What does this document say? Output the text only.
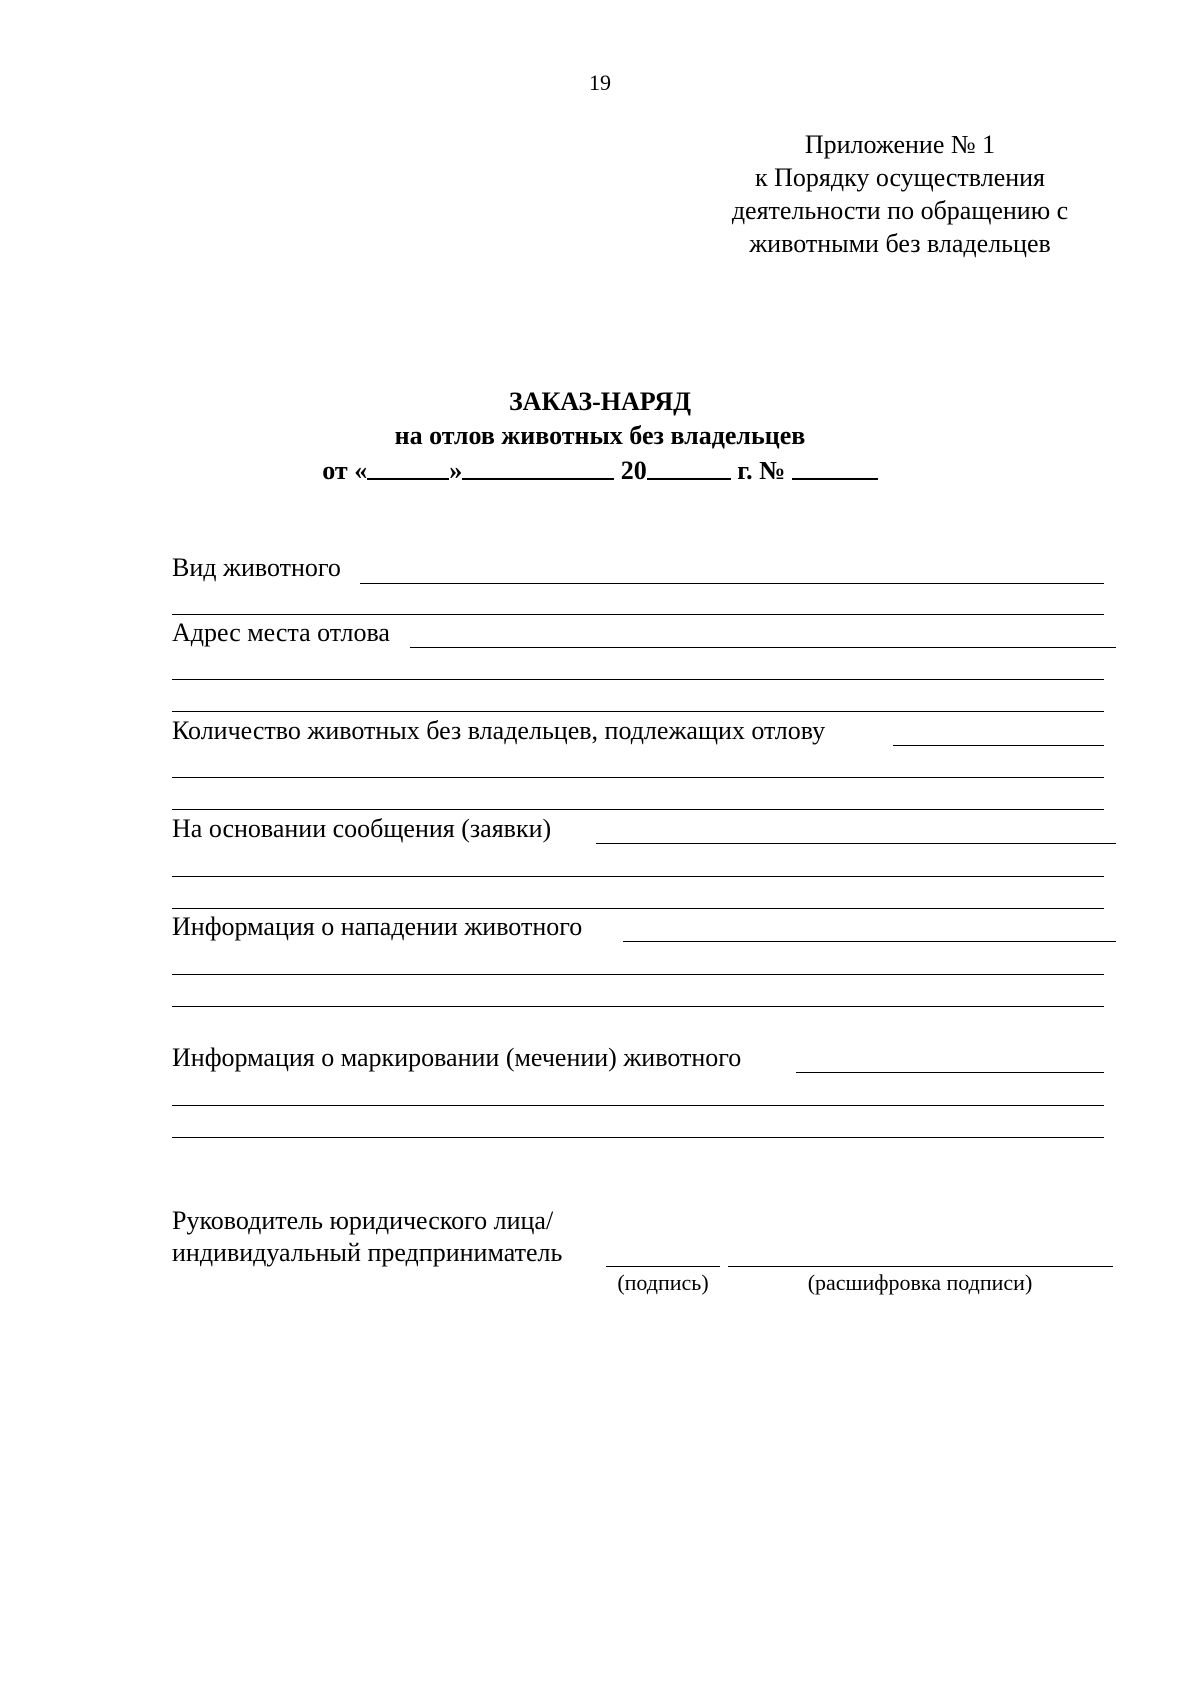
19
Приложение № 1
к Порядку осуществления
деятельности по обращению с
животными без владельцев
ЗАКАЗ-НАРЯД
на отлов животных без владельцев
от «	»	20	г. №
Вид животного
Адрес места отлова
Количество животных без владельцев, подлежащих отлову
На основании сообщения (заявки)
Информация о нападении животного
Информация о маркировании (мечении) животного
Руководитель юридического лица/
индивидуальный предприниматель
(подпись)	(расшифровка подписи)
